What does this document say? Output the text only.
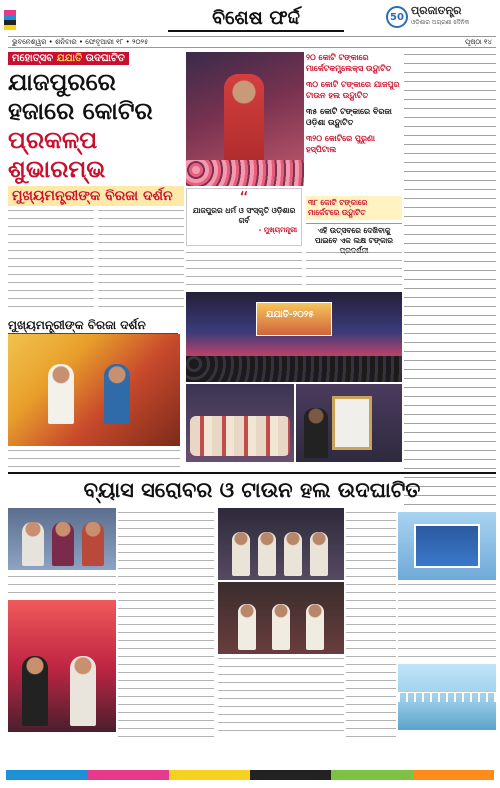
ବିଶେଷ ଫର୍ଦ୍ଦ	50 ପ୍ରଜାତନ୍ତ୍ର
ଓଡ଼ିଶାର ଅଗ୍ରଣୀ ଦୈନିକ
ଭୁବନେଶ୍ୱର • ଶନିବାର • ଫେବୃଆରୀ ୧୮ • ୨୦୨୫	ପୃଷ୍ଠା ୧୪
ମହୋତ୍ସବ ଯଯାତି ଉଦଘାଟିତ
ଯାଜପୁରରେ ହଜାରେ କୋଟିର
ପ୍ରକଳ୍ପ ଶୁଭାରମ୍ଭ

୨୦ କୋଟି ଟଙ୍କାରେ ମାର୍କେଟକମ୍ପ୍ଲେକ୍ସ ଉଦ୍ଘାଟିତ

୩୦ କୋଟି ଟଙ୍କାରେ ଯାଜପୁର ଟାଉନ ହଲ ଉଦ୍ଘାଟିତ

୩୫ କୋଟି ଟଙ୍କାରେ ବିରଜା ଓଡ଼ିଶା ଉଦ୍ଘାଟିତ

୩୨୦ କୋଟିରେ ପୁରୁଣା ହସ୍ପିଟାଲ

ମୁଖ୍ୟମନ୍ତ୍ରୀଙ୍କ ବିରଜା ଦର୍ଶନ	“
ଯାଜପୁରର ଧର୍ମ ଓ ସଂସ୍କୃତି ଓଡ଼ିଶାର ଗର୍ବ
- ମୁଖ୍ୟମନ୍ତ୍ରୀ
୩୮ କୋଟି ଟଙ୍କାରେ ମାର୍କେଟରେ ଉଦ୍ଘାଟିତ
ଏହି ଉତ୍ସବରେ ଦେଖିବାକୁ ପାଇବେ ଏକ ଲକ୍ଷ ଟଙ୍କାର
ମୁଖ୍ୟମନ୍ତ୍ରୀଙ୍କ ବିରଜା ଦର୍ଶନ
ଯଯାତି-୨୦୨୫
ବ୍ୟାସ ସରୋବର ଓ ଟାଉନ ହଲ ଉଦଘାଟିତ
